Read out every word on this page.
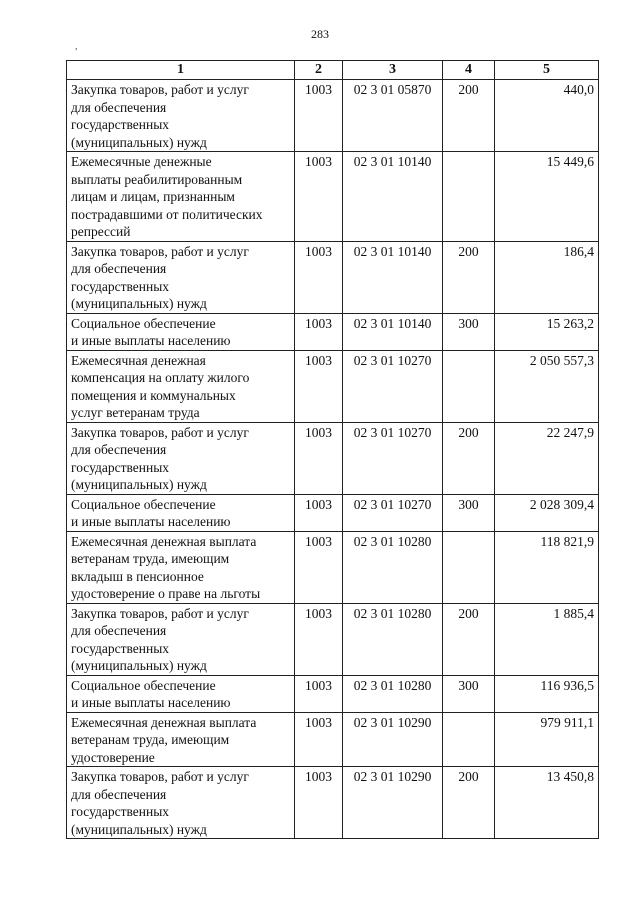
283
,
1	2	3	4	5

Закупка товаров, работ и услуг
для обеспечения
государственных
(муниципальных) нужд	1003	02 3 01 05870	200	440,0

Ежемесячные денежные
выплаты реабилитированным
лицам и лицам, признанным
пострадавшими от политических
репрессий	1003	02 3 01 10140		15 449,6

Закупка товаров, работ и услуг
для обеспечения
государственных
(муниципальных) нужд	1003	02 3 01 10140	200	186,4

Социальное обеспечение
и иные выплаты населению	1003	02 3 01 10140	300	15 263,2

Ежемесячная денежная
компенсация на оплату жилого
помещения и коммунальных
услуг ветеранам труда	1003	02 3 01 10270		2 050 557,3

Закупка товаров, работ и услуг
для обеспечения
государственных
(муниципальных) нужд	1003	02 3 01 10270	200	22 247,9

Социальное обеспечение
и иные выплаты населению	1003	02 3 01 10270	300	2 028 309,4

Ежемесячная денежная выплата
ветеранам труда, имеющим
вкладыш в пенсионное
удостоверение о праве на льготы	1003	02 3 01 10280		118 821,9

Закупка товаров, работ и услуг
для обеспечения
государственных
(муниципальных) нужд	1003	02 3 01 10280	200	1 885,4

Социальное обеспечение
и иные выплаты населению	1003	02 3 01 10280	300	116 936,5

Ежемесячная денежная выплата
ветеранам труда, имеющим
удостоверение	1003	02 3 01 10290		979 911,1

Закупка товаров, работ и услуг
для обеспечения
государственных
(муниципальных) нужд	1003	02 3 01 10290	200	13 450,8
